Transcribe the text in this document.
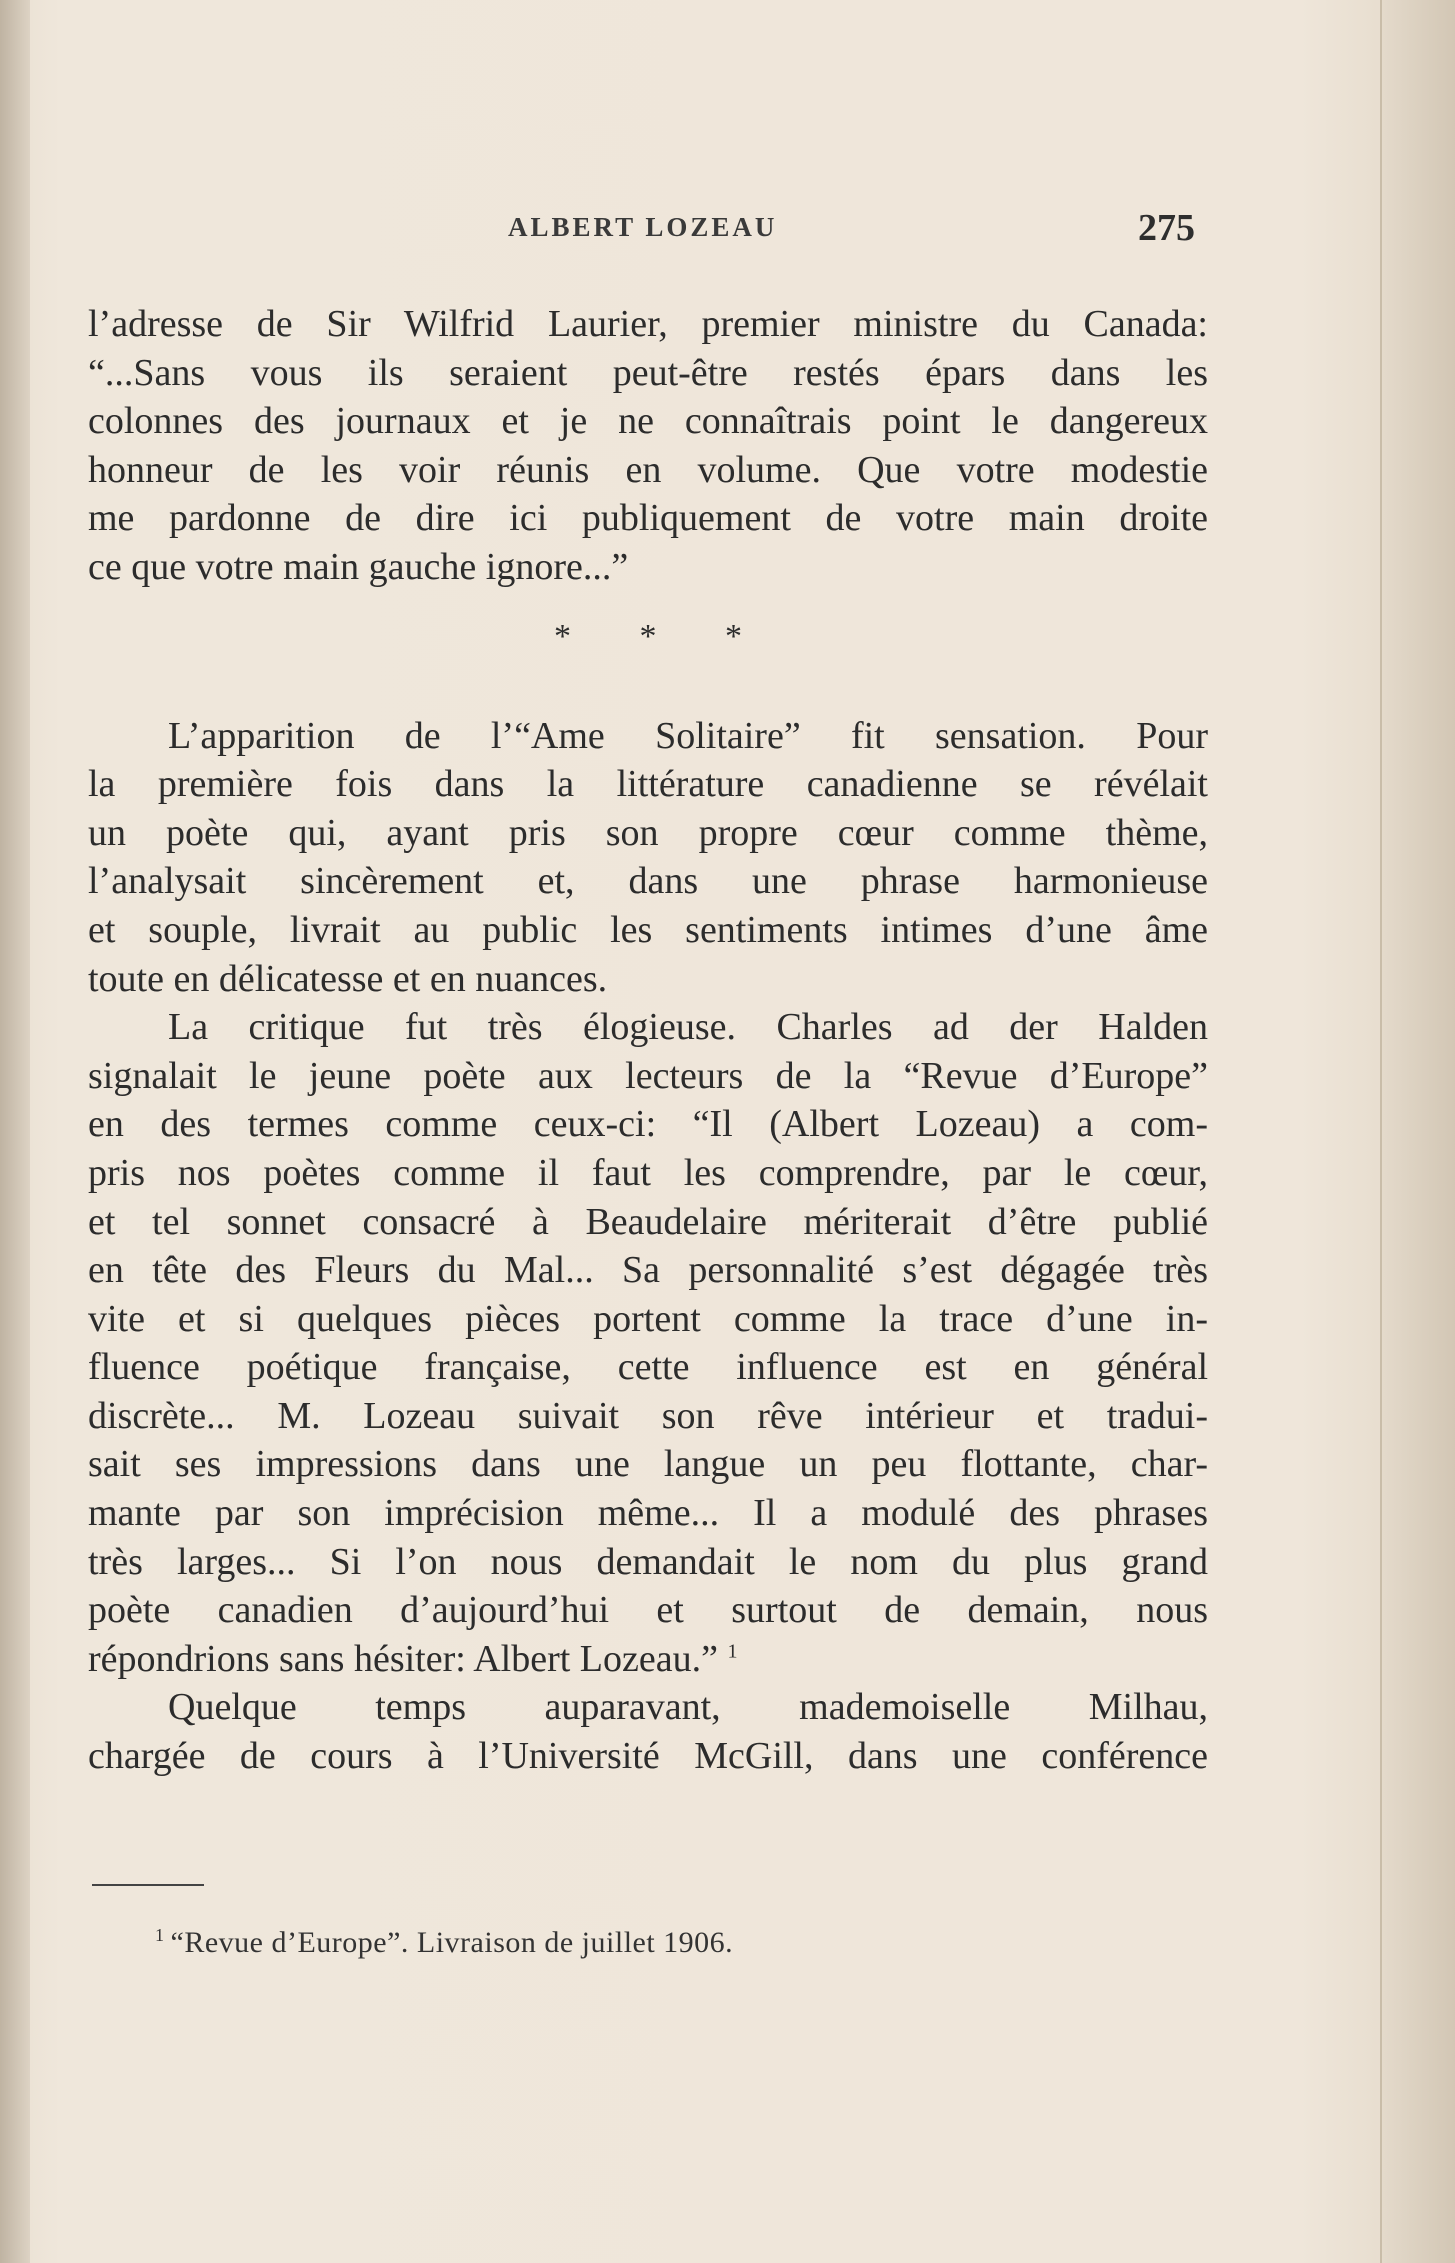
ALBERT LOZEAU	275
l’adresse de Sir Wilfrid Laurier, premier ministre du Canada:
“...Sans vous ils seraient peut-être restés épars dans les
colonnes des journaux et je ne connaîtrais point le dangereux
honneur de les voir réunis en volume. Que votre modestie
me pardonne de dire ici publiquement de votre main droite
ce que votre main gauche ignore...”
* * *
L’apparition de l’“Ame Solitaire” fit sensation. Pour
la première fois dans la littérature canadienne se révélait
un poète qui, ayant pris son propre cœur comme thème,
l’analysait sincèrement et, dans une phrase harmonieuse
et souple, livrait au public les sentiments intimes d’une âme
toute en délicatesse et en nuances.
La critique fut très élogieuse. Charles ad der Halden
signalait le jeune poète aux lecteurs de la “Revue d’Europe”
en des termes comme ceux-ci: “Il (Albert Lozeau) a com-
pris nos poètes comme il faut les comprendre, par le cœur,
et tel sonnet consacré à Beaudelaire mériterait d’être publié
en tête des Fleurs du Mal... Sa personnalité s’est dégagée très
vite et si quelques pièces portent comme la trace d’une in-
fluence poétique française, cette influence est en général
discrète... M. Lozeau suivait son rêve intérieur et tradui-
sait ses impressions dans une langue un peu flottante, char-
mante par son imprécision même... Il a modulé des phrases
très larges... Si l’on nous demandait le nom du plus grand
poète canadien d’aujourd’hui et surtout de demain, nous
répondrions sans hésiter: Albert Lozeau.” $^1$
Quelque temps auparavant, mademoiselle Milhau,
chargée de cours à l’Université McGill, dans une conférence
$^1$ “Revue d’Europe”. Livraison de juillet 1906.
